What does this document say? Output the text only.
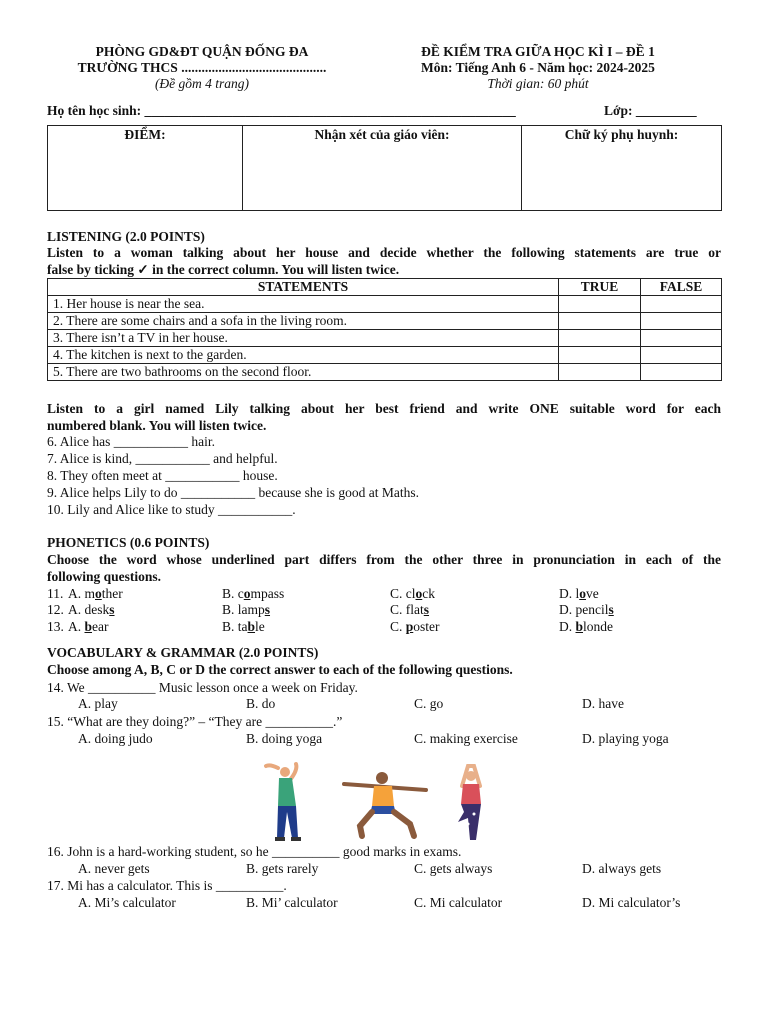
PHÒNG GD&ĐT QUẬN ĐỐNG ĐA
TRƯỜNG THCS ...........................................
(Đề gồm 4 trang)
ĐỀ KIỂM TRA GIỮA HỌC KÌ I – ĐỀ 1
Môn: Tiếng Anh 6 - Năm học: 2024-2025
Thời gian: 60 phút
Họ tên học sinh: _______________________________________________________	Lớp: _________
ĐIỂM:	Nhận xét của giáo viên:	Chữ ký phụ huynh:
LISTENING (2.0 POINTS)
Listen to a woman talking about her house and decide whether the following statements are true or
false by ticking ✓ in the correct column. You will listen twice.
STATEMENTS	TRUE	FALSE
1. Her house is near the sea.		
2. There are some chairs and a sofa in the living room.		
3. There isn’t a TV in her house.		
4. The kitchen is next to the garden.		
5. There are two bathrooms on the second floor.		
Listen to a girl named Lily talking about her best friend and write ONE suitable word for each
numbered blank. You will listen twice.
6. Alice has ___________ hair.
7. Alice is kind, ___________ and helpful.
8. They often meet at ___________ house.
9. Alice helps Lily to do ___________ because she is good at Maths.
10. Lily and Alice like to study ___________.
PHONETICS (0.6 POINTS)
Choose the word whose underlined part differs from the other three in pronunciation in each of the
following questions.
11. A. mother	B. compass	C. clock	D. love
12. A. desks	B. lamps	C. flats	D. pencils
13. A. bear	B. table	C. poster	D. blonde
VOCABULARY & GRAMMAR (2.0 POINTS)
Choose among A, B, C or D the correct answer to each of the following questions.
14. We __________ Music lesson once a week on Friday.
A. play	B. do	C. go	D. have
15. “What are they doing?” – “They are __________.”
A. doing judo	B. doing yoga	C. making exercise	D. playing yoga
16. John is a hard-working student, so he __________ good marks in exams.
A. never gets	B. gets rarely	C. gets always	D. always gets
17. Mi has a calculator. This is __________.
A. Mi’s calculator	B. Mi’ calculator	C. Mi calculator	D. Mi calculator’s
